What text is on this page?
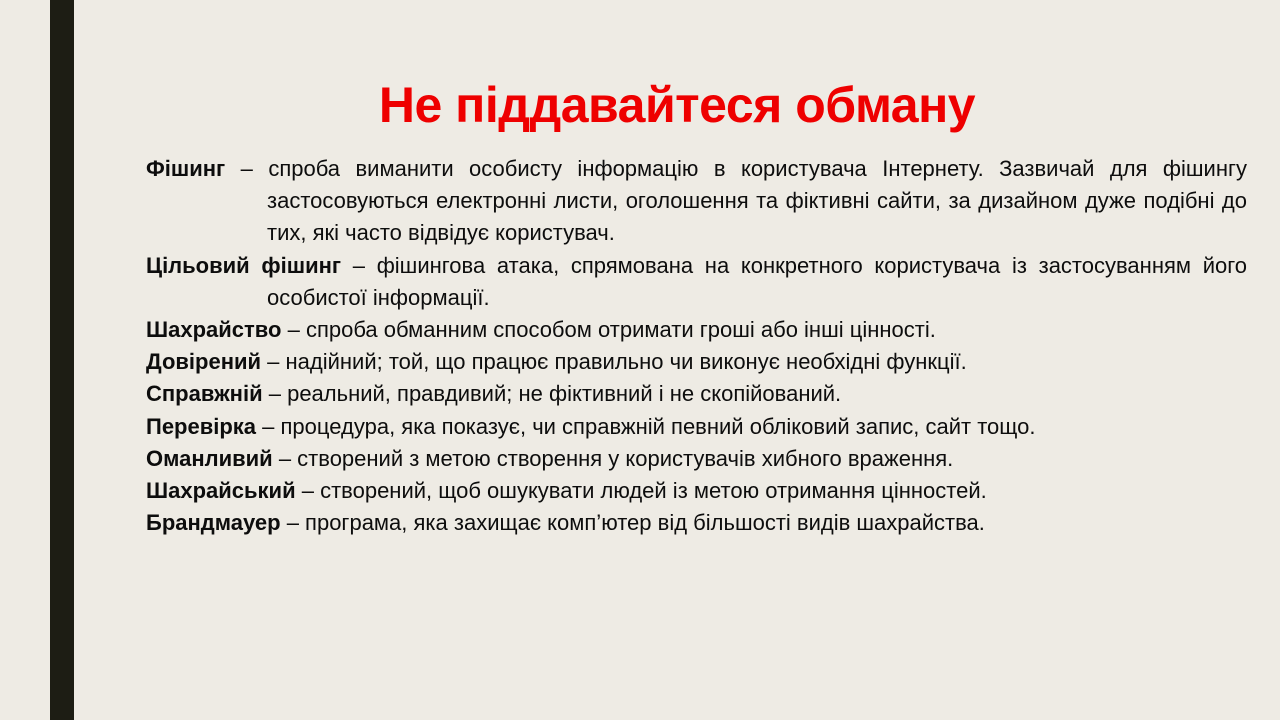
Не піддавайтеся обману

Фішинг – спроба виманити особисту інформацію в користувача Інтернету. Зазвичай для фішингу застосовуються електронні листи, оголошення та фіктивні сайти, за дизайном дуже подібні до тих, які часто відвідує користувач.

Цільовий фішинг – фішингова атака, спрямована на конкретного користувача із застосуванням його особистої інформації.

Шахрайство – спроба обманним способом отримати гроші або інші цінності.

Довірений – надійний; той, що працює правильно чи виконує необхідні функції.

Справжній – реальний, правдивий; не фіктивний і не скопійований.

Перевірка – процедура, яка показує, чи справжній певний обліковий запис, сайт тощо.

Оманливий – створений з метою створення у користувачів хибного враження.

Шахрайський – створений, щоб ошукувати людей із метою отримання цінностей.

Брандмауер – програма, яка захищає комп’ютер від більшості видів шахрайства.
